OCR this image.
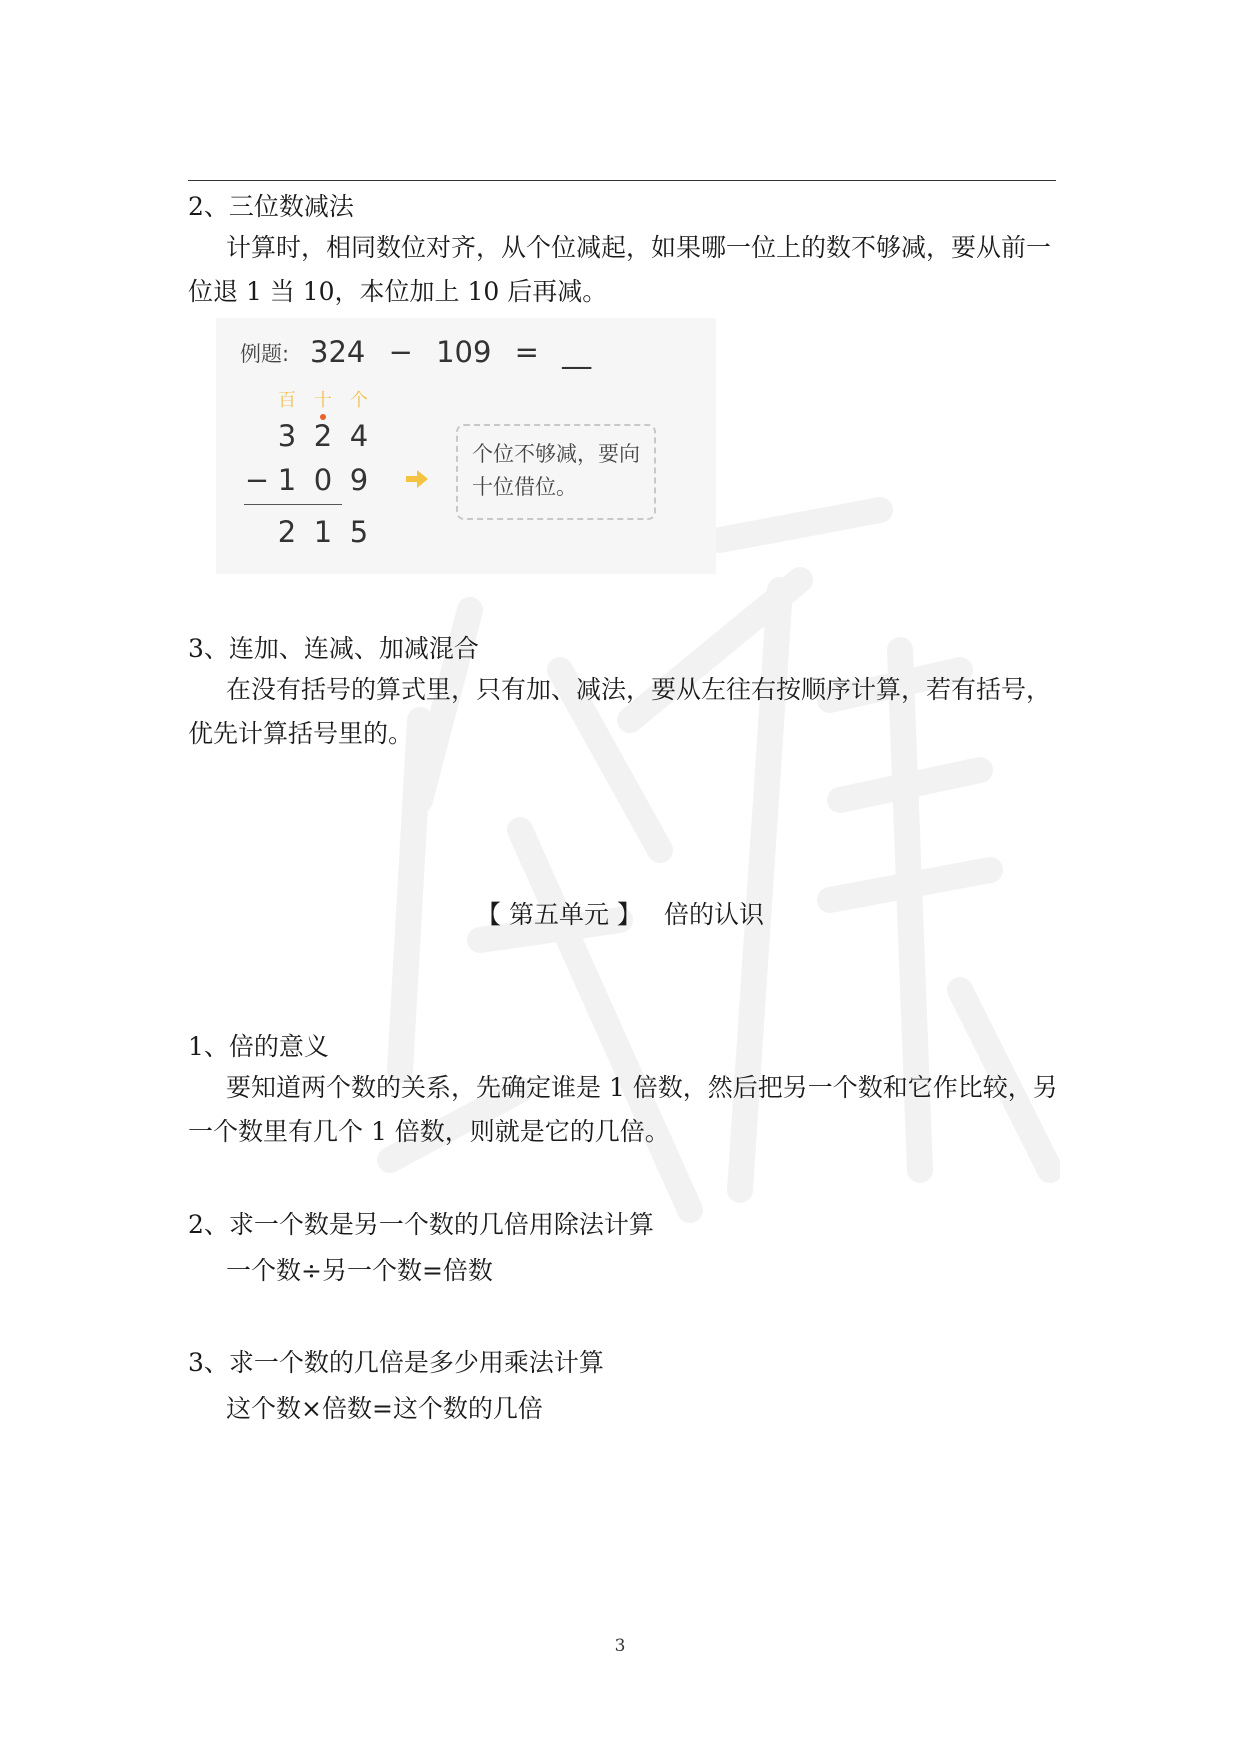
2、三位数减法
计算时，相同数位对齐，从个位减起，如果哪一位上的数不够减，要从前一位退 1 当 10，本位加上 10 后再减。
例题: 324 − 109 = __
百	十	个
3 2 4
− 1 0 9
2 1 5
个位不够减，要向十位借位。
3、连加、连减、加减混合
在没有括号的算式里，只有加、减法，要从左往右按顺序计算，若有括号，优先计算括号里的。
【 第五单元 】 倍的认识
1、倍的意义
要知道两个数的关系，先确定谁是 1 倍数，然后把另一个数和它作比较，另一个数里有几个 1 倍数，则就是它的几倍。
2、求一个数是另一个数的几倍用除法计算
一个数÷另一个数=倍数
3、求一个数的几倍是多少用乘法计算
这个数×倍数=这个数的几倍
3
